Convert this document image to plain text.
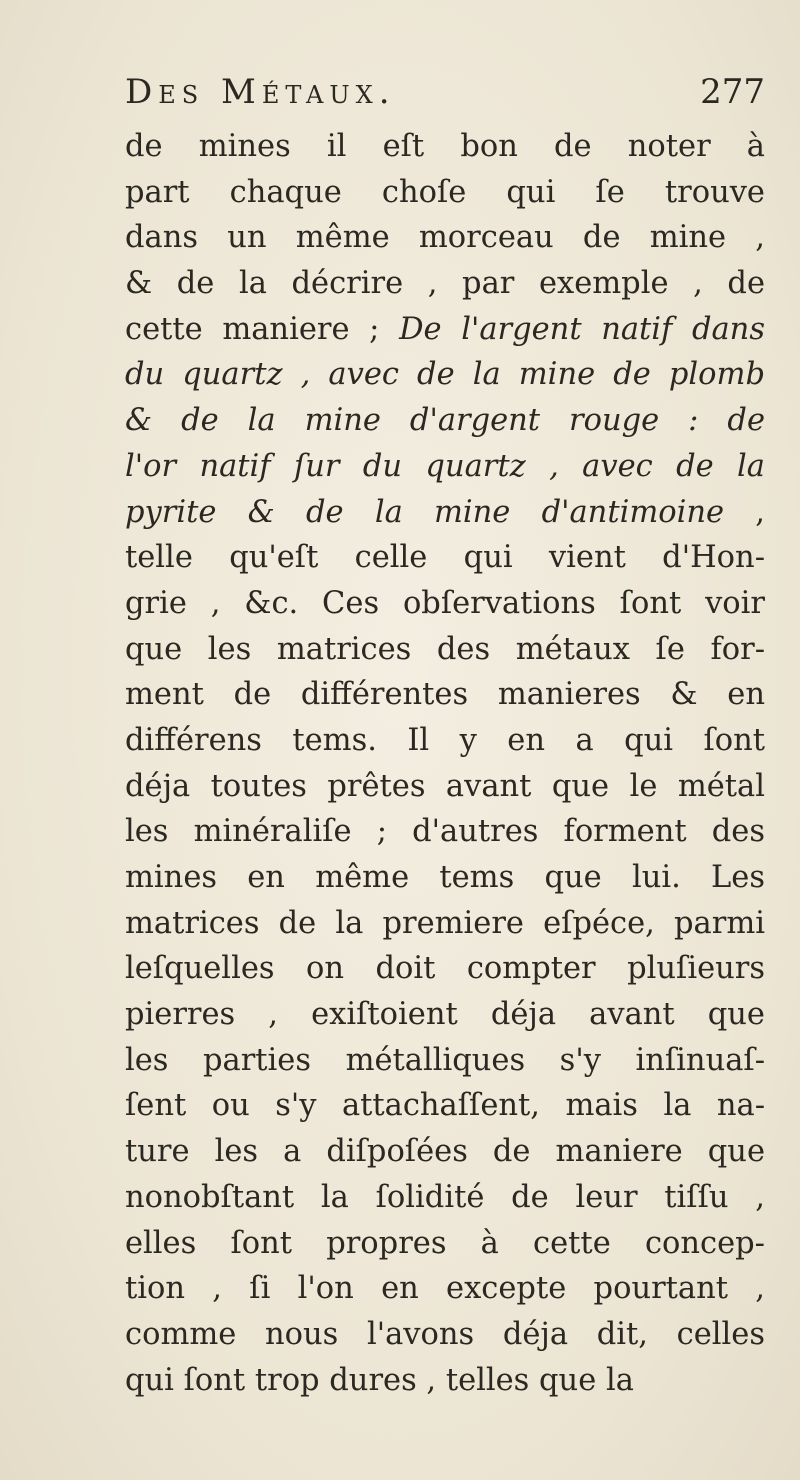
Des Métaux.	277
de mines il eſt bon de noter à
part chaque choſe qui ſe trouve
dans un même morceau de mine ,
& de la décrire , par exemple , de
cette maniere ; De l'argent natif dans
du quartz , avec de la mine de plomb
& de la mine d'argent rouge : de
l'or natif ſur du quartz , avec de la
pyrite & de la mine d'antimoine ,
telle qu'eſt celle qui vient d'Hon-
grie , &c. Ces obſervations ſont voir
que les matrices des métaux ſe for-
ment de différentes manieres & en
différens tems. Il y en a qui ſont
déja toutes prêtes avant que le métal
les minéraliſe ; d'autres forment des
mines en même tems que lui. Les
matrices de la premiere eſpéce, parmi
leſquelles on doit compter pluſieurs
pierres , exiſtoient déja avant que
les parties métalliques s'y inſinuaſ-
ſent ou s'y attachaſſent, mais la na-
ture les a diſpoſées de maniere que
nonobſtant la ſolidité de leur tiſſu ,
elles ſont propres à cette concep-
tion , ſi l'on en excepte pourtant ,
comme nous l'avons déja dit, celles
qui ſont trop dures , telles que la
